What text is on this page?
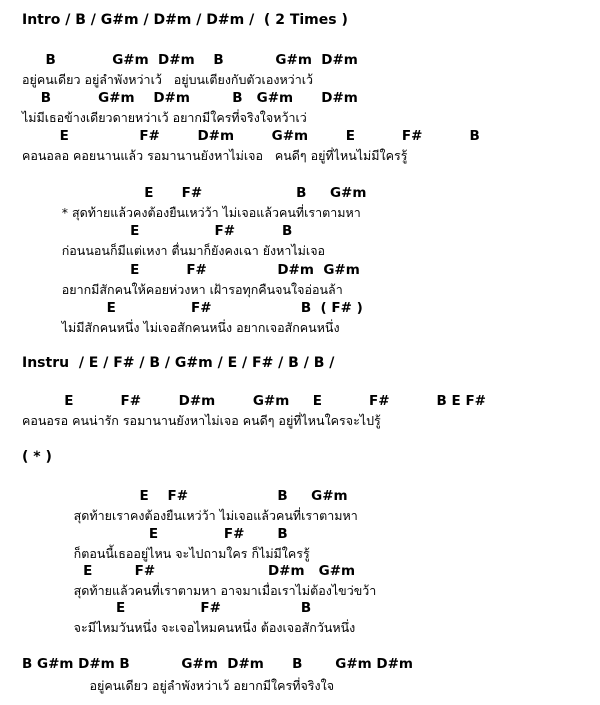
Intro / B / G#m / D#m / D#m /  ( 2 Times )
B            G#m  D#m    B           G#m  D#m
อยู่คนเดียว อยู่ลำพังหว่าเว้   อยู่บนเตียงกับตัวเองหว่าเว้
B          G#m    D#m         B   G#m      D#m
ไม่มีเธอข้างเดียวดายหว่าเว้ อยากมีใครที่จริงใจหว้าเว่
E               F#        D#m        G#m        E          F#          B
คอนอลอ คอยนานแล้ว รอมานานยังหาไม่เจอ   คนดีๆ อยู่ที่ไหนไม่มีใครรู้
E      F#                    B     G#m
* สุดท้ายแล้วคงต้องยืนเหว่ว้า ไม่เจอแล้วคนที่เราตามหา
E                F#          B
ก่อนนอนก็มีแต่เหงา ตื่นมาก็ยังคงเฉา ยังหาไม่เจอ
E          F#               D#m  G#m
อยากมีสักคนให้คอยห่วงหา เฝ้ารอทุกคืนจนใจอ่อนล้า
E                F#                   B  ( F# )
ไม่มีสักคนหนึ่ง ไม่เจอสักคนหนึ่ง อยากเจอสักคนหนึ่ง
Instru  / E / F# / B / G#m / E / F# / B / B /
E          F#        D#m        G#m     E          F#          B E F#
คอนอรอ คนน่ารัก รอมานานยังหาไม่เจอ คนดีๆ อยู่ที่ไหนใครจะไปรู้
( * )
E    F#                   B     G#m
สุดท้ายเราคงต้องยืนเหว่ว้า ไม่เจอแล้วคนที่เราตามหา
E              F#       B
ก็ตอนนี้เธออยู่ไหน จะไปถามใคร ก็ไม่มีใครรู้
E         F#                        D#m   G#m
สุดท้ายแล้วคนที่เราตามหา อาจมาเมื่อเราไม่ต้องไขว่ขว้า
E                F#                 B
จะมีไหมวันหนึ่ง จะเจอไหมคนหนึ่ง ต้องเจอสักวันหนึ่ง
B G#m D#m B           G#m  D#m      B       G#m D#m
อยู่คนเดียว อยู่ลำพังหว่าเว้ อยากมีใครที่จริงใจ
